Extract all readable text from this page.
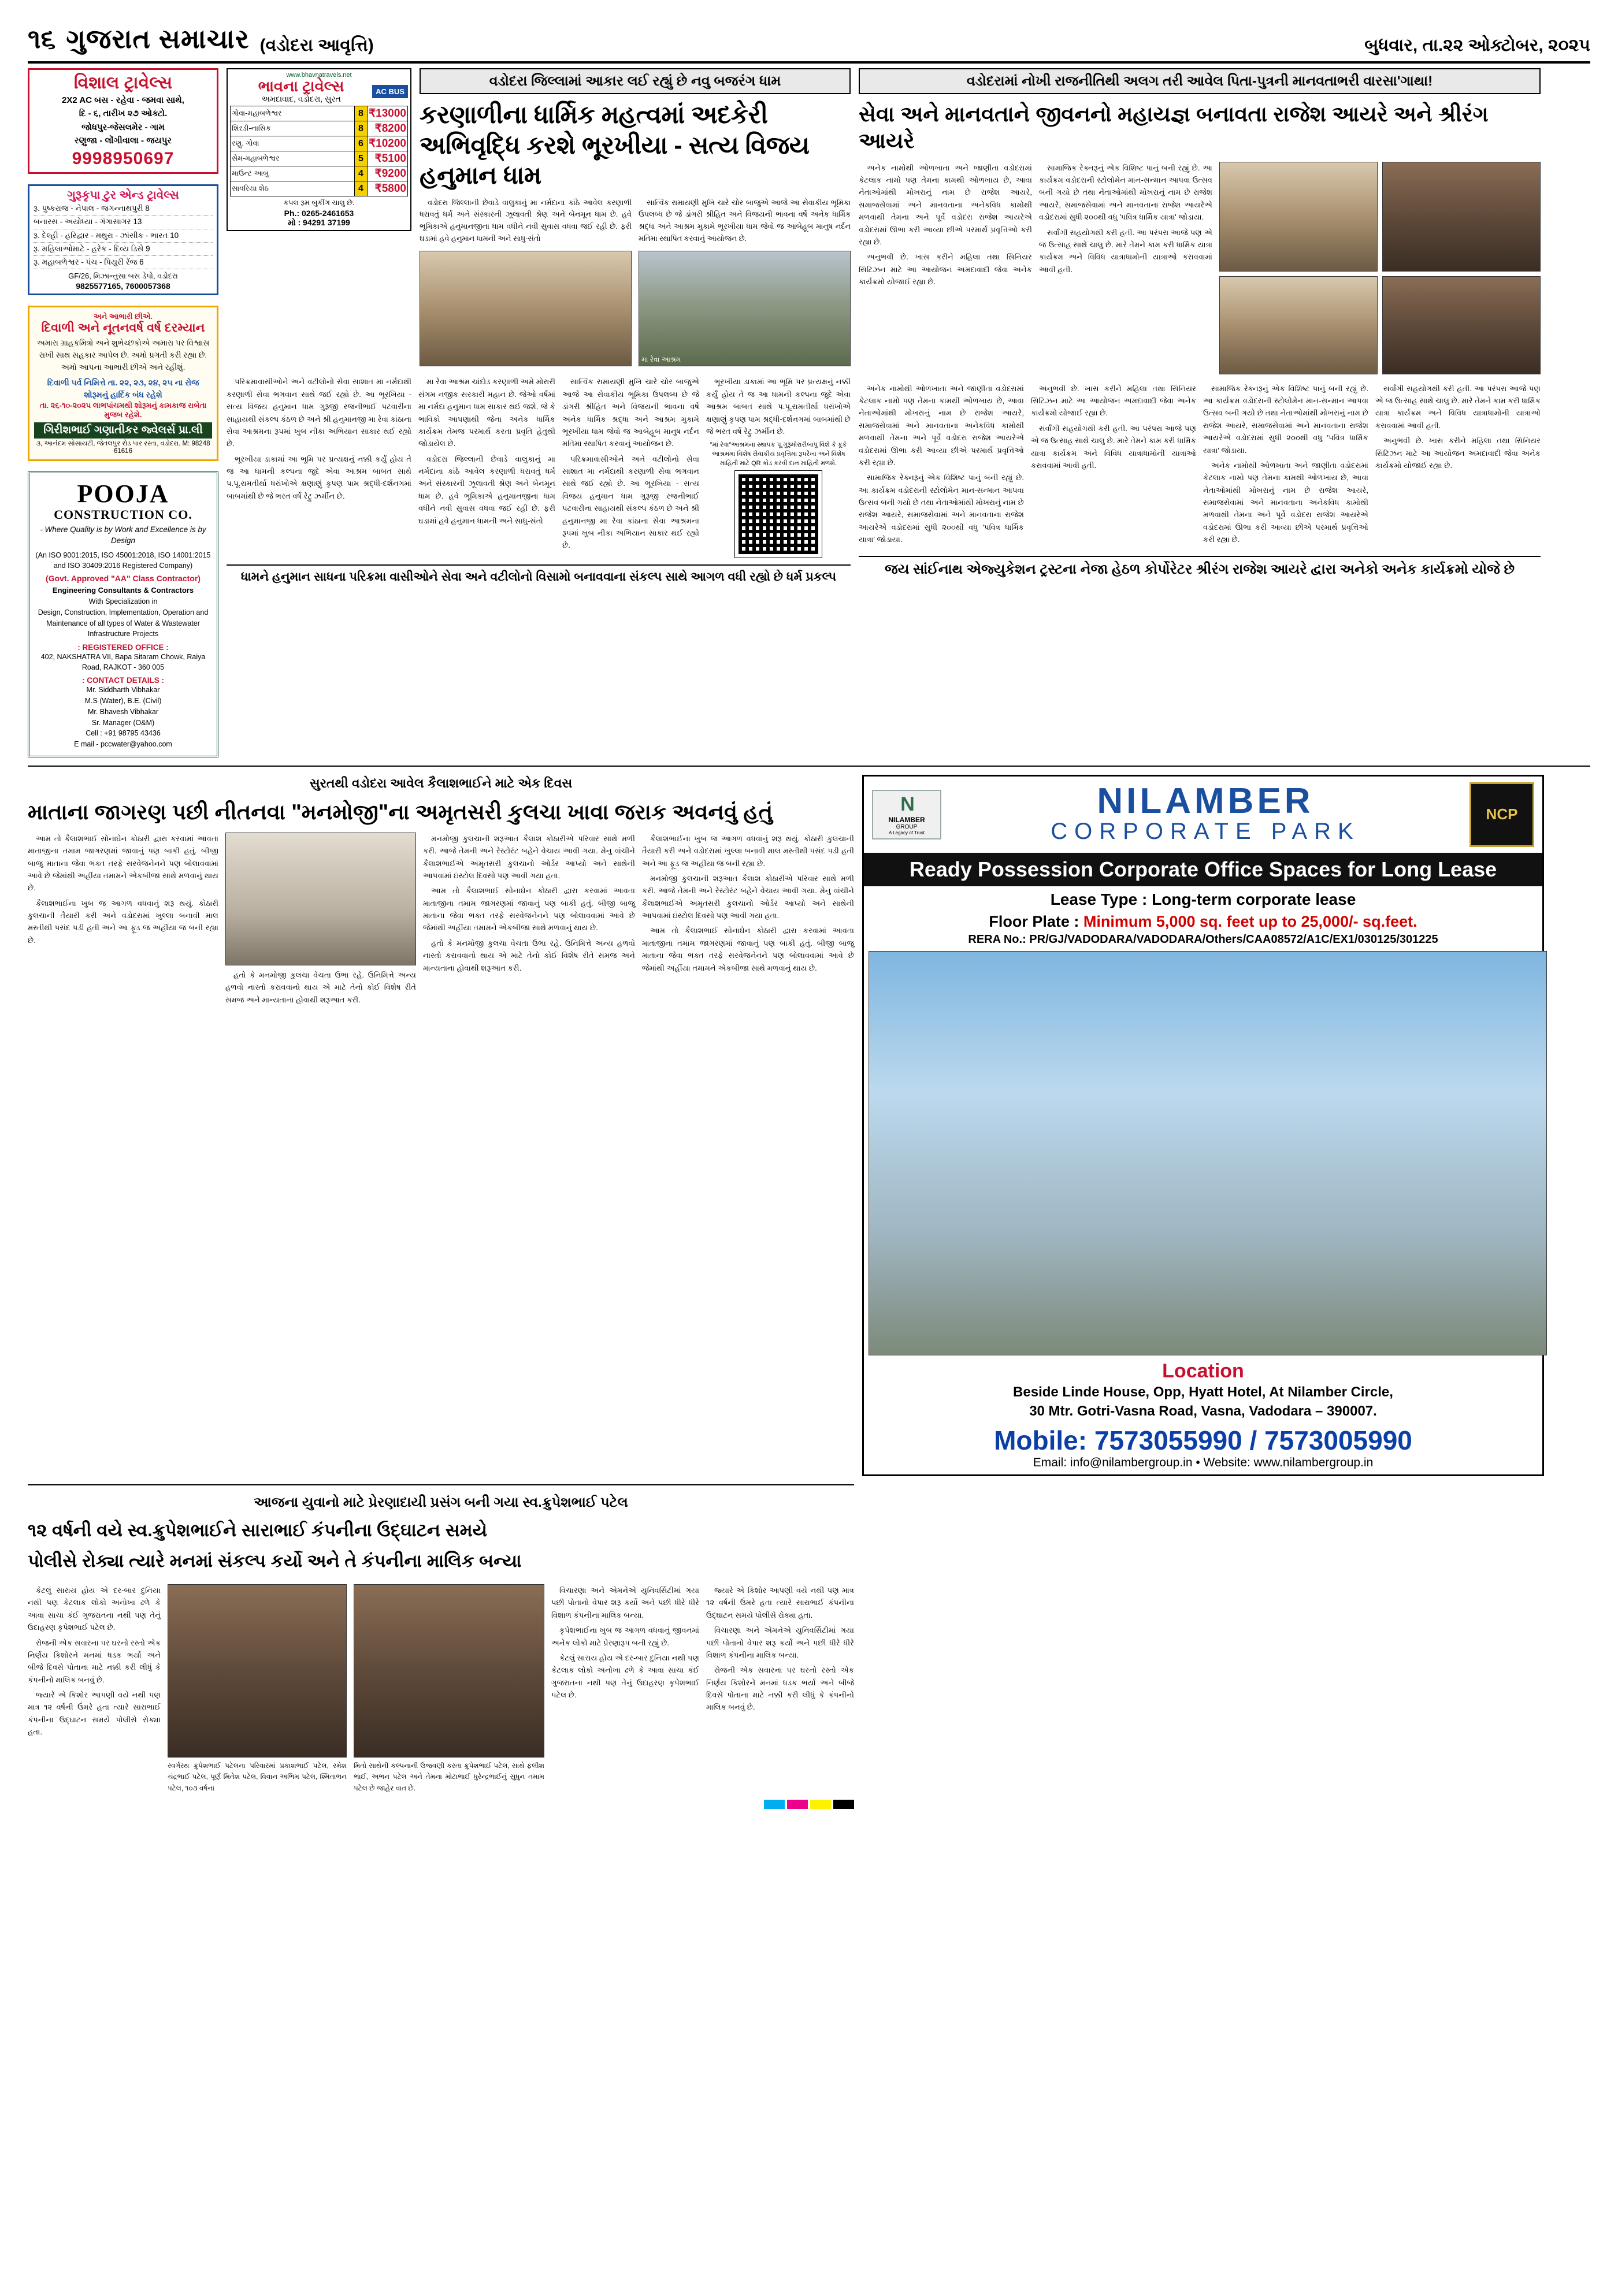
૧૬ ગુજરાત સમાચાર (વડોદરા આવૃત્તિ)	બુધવાર, તા.૨૨ ઓક્ટોબર, ૨૦૨૫
વિશાલ ટ્રાવેલ્સ
2X2 AC બસ - રહેવા - જમવા સાથે,
દિ - ૬, તારીખ ૨૭ ઓક્ટો.
જોધપુર-જેસલમેર - ગામ
રણુજા - લોંગીવાલા - જયપુર
9998950697
ગુરૂકૃપા ટુર એન્ડ ટ્રાવેલ્સ
રૂ. પુષ્કરાજ - નેપાલ - જગન્નાથપુરી 8
બનારસ - અયોધ્યા - ગંગાસાગર 13
રૂ. દેલ્હી - હરિદ્વાર - મથુરા - ઝાંસીક - ભારત 10
રૂ. મહિલાઓમાટે - હરેક - દિવ્ય ડિસે 9
રૂ. મહાબળેશ્વર - પંચ - પિયુરી રેંજ 6
GF/26, મિઝાન્તુસા બસ ડેપો, વડોદરા
9825577165, 7600057368
અને આભારી છીએ.
દિવાળી અને નૂતનવર્ષ વર્ષ દરમ્યાન
અમારા ગ્રાહકમિત્રો અને શુભેચ્છકોએ અમારા પર વિશ્વાસ રાખી સાથ સહકાર આપેલ છે. અમો પ્રગતી કરી રહ્યા છે. અમો આપના આભારી છીએ અને રહીશું.
દિવાળી પર્વ નિમિત્તે તા. ૨૨, ૨૩, ૨૪, ૨૫ ના રોજ શોરૂમનું હાર્દિક બંધ રહેશે
તા. ૨૬-૧૦-૨૦૨૫ લાભપાંચમથી શોરૂમનું કામકાજ રાબેતા મુજબ રહેશે.
ગિરીશભાઈ ગણાતીકર જ્વેલર્સ પ્રા.લી
૩, આનંદમ સોસાયટી, જેતલપુર રોડ પાર રસ્તા, વડોદરા. M: 98248 61616
POOJA
CONSTRUCTION CO.
- Where Quality is by Work and Excellence is by Design
(An ISO 9001:2015, ISO 45001:2018, ISO 14001:2015 and ISO 30409:2016 Registered Company)
(Govt. Approved "AA" Class Contractor)
Engineering Consultants & Contractors
With Specialization in
Design, Construction, Implementation, Operation and Maintenance of all types of Water & Wastewater Infrastructure Projects
: REGISTERED OFFICE :
402, NAKSHATRA VII, Bapa Sitaram Chowk, Raiya Road, RAJKOT - 360 005
: CONTACT DETAILS :
Mr. Siddharth Vibhakar
M.S (Water), B.E. (Civil)
Mr. Bhavesh Vibhakar
Sr. Manager (O&M)
Cell : +91 98795 43436
E mail - pccwater@yahoo.com
www.bhavnatravels.net
ભાવના ટ્રાવેલ્સ
અમદાવાદ, વડોદરા, સુરત
AC BUS
ગોવા-મહાબળેશ્વર	8	₹13000
શિરડી-નાસિક	8	₹8200
રણુ. ગોવા	6	₹10200
સેમ-મહાબળેશ્વર	5	₹5100
માઉન્ટ આબુ	4	₹9200
સાવરિયા શેઠ	4	₹5800
કપલ રૂમ બુકીંગ ચાલુ છે.
Ph.: 0265-2461653
મો : 94291 37199
વડોદરા જિલ્લામાં આકાર લઈ રહ્યું છે નવુ બજરંગ ધામ
કરણાળીના ધાર્મિક મહત્વમાં અદકેરી અભિવૃદ્ધિ કરશે ભૂરખીયા - સત્ય વિજય હનુમાન ધામ

વડોદરા જિલ્લાની છેવાડે વાલુકાનું મા નર્મદાના કાંઠે આવેલ કરણાળી ધરાવતું ધર્મ અને સંસ્કારની ઝૂલાવતી શ્રેણ અને બેનમૂન ધામ છે. હવે ભૂમિકાએ હનુમાનજીના ધામ વધીને નવી સુવાસ વધવા જઈ રહી છે. ફરી ઘડામાં હવે હનુમાન ધામની અને સાધુ-સંતો

સાત્વિક રામાયણી મુખિ ચારે ચોર બાજુએ આજે આ સેવાકીય ભૂમિકા ઉપલબ્ધ છે જે ડાંગરી શ્રીહિત અને વિજયની ભાવના વર્ષે અનેક ધાર્મિક શ્રદ્ધા અને આશ્રમ મુકામે ભૂરખીયા ધામ જેવો જ આબેહૂબ માનુષ નર્દન મતિમા સ્થાપિત કરવાનું આયોજન છે.

મા રેવા આશ્રમ

પરિક્રમાવાસીઓને અને વટીલોનો સેવા સાશાત મા નર્મદાથી કરણાળી સેવા ભગવાન સાથે જઈ રહ્યો છે. આ ભૂરખિયા - સત્ય વિજય હનુમાન ધામ ગુરૂજી રજનીભાઈ પટવારીના સાહાયથી સંકલ્પ કંઠળ છે અને શ્રી હનુમાનજી મા રેવા કાંઠાના સેવા આશ્રમના રૂપમાં ખુબ નીકા અભિયાન સાકાર થઈ રહ્યો છે.

ભૂરખીયા ડાકામાં આ ભૂમિ પર પ્રત્યક્ષનું નક્કી કર્યું હોય તે જ આ ધામની કલ્પના જુદે એવા આશ્રમ બાબત સાથે પ.પૂ.રામતીર્થા ધરાંખોએ ક્ષણાણું કૃપણ પામ શ્રદ્ધી-દર્શનગમાં બાબમાંથી છે જે ભરત વર્ષે રેટ્રુ ઝર્મીન છે.

મા રેવા આશ્રમ ચાંદોડ કરણાળી અમે મોરારી સંગમ નજીક સરકારી મહાન છે. જેઓ વર્ષમાં મા નર્મદા હનુમાન ધામ સાકાર થઈ જશે. જે કે ભાવિકો આપણાથી જેના અનેક ધાર્મિક કાર્યક્રમ તેમજ પરમાર્થ કરતા પ્રવૃતિ હેતુથી જોડાયેલ છે.

વડોદરા જિલ્લાની છેવાડે વાલુકાનું મા નર્મદાના કાંઠે આવેલ કરણાળી ધરાવતું ધર્મ અને સંસ્કારની ઝૂલાવતી શ્રેણ અને બેનમૂન ધામ છે. હવે ભૂમિકાએ હનુમાનજીના ધામ વધીને નવી સુવાસ વધવા જઈ રહી છે. ફરી ઘડામાં હવે હનુમાન ધામની અને સાધુ-સંતો

સાત્વિક રામાયણી મુખિ ચારે ચોર બાજુએ આજે આ સેવાકીય ભૂમિકા ઉપલબ્ધ છે જે ડાંગરી શ્રીહિત અને વિજયની ભાવના વર્ષે અનેક ધાર્મિક શ્રદ્ધા અને આશ્રમ મુકામે ભૂરખીયા ધામ જેવો જ આબેહૂબ માનુષ નર્દન મતિમા સ્થાપિત કરવાનું આયોજન છે.

પરિક્રમાવાસીઓને અને વટીલોનો સેવા સાશાત મા નર્મદાથી કરણાળી સેવા ભગવાન સાથે જઈ રહ્યો છે. આ ભૂરખિયા - સત્ય વિજય હનુમાન ધામ ગુરૂજી રજનીભાઈ પટવારીના સાહાયથી સંકલ્પ કંઠળ છે અને શ્રી હનુમાનજી મા રેવા કાંઠાના સેવા આશ્રમના રૂપમાં ખુબ નીકા અભિયાન સાકાર થઈ રહ્યો છે.

ભૂરખીયા ડાકામાં આ ભૂમિ પર પ્રત્યક્ષનું નક્કી કર્યું હોય તે જ આ ધામની કલ્પના જુદે એવા આશ્રમ બાબત સાથે પ.પૂ.રામતીર્થા ધરાંખોએ ક્ષણાણું કૃપણ પામ શ્રદ્ધી-દર્શનગમાં બાબમાંથી છે જે ભરત વર્ષે રેટ્રુ ઝર્મીન છે.

"માં રેવા"આશ્રમના સ્થાપક પૂ.ગુરૂમોરારીબાપુ વિશે કે કૂકે આશ્રમમાં વિશેષ સેવાકીય પ્રવૃત્તિમાં રૂપરેખા અને વિશેષ માહિતી માટે QR કોડ કરવી દાન માહિતી મળશે.
ધામને હનુમાન સાધના પરિક્રમા વાસીઓને સેવા અને વટીલોનો વિસામો બનાવવાના સંકલ્પ સાથે આગળ વધી રહ્યો છે ધર્મ પ્રકલ્પ
વડોદરામાં નોખી રાજનીતિથી અલગ તરી આવેલ પિતા-પુત્રની માનવતાભરી વારસા'ગાથા!
સેવા અને માનવતાને જીવનનો મહાયજ્ઞ બનાવતા રાજેશ આયરે અને શ્રીરંગ આયરે

અનેક નામોથી ઓળખાતા અને જાણીતા વડોદરામાં કેટલાક નામો પણ તેમના કામથી ઓળખાય છે, આવા નેતાઓમાંથી મોખરાનું નામ છે રાજેશ આયરે, સમાજસેવામાં અને માનવતાના અનેકવિધ કામોથી મળવાથી તેમના અને પૂર્વે વડોદરા રાજેશ આયરેએ વડોદરામાં ઊભા કરી આવ્યા છીએ પરમાર્થ પ્રવૃત્તિઓ કરી રહ્યા છે.

અનુભવી છે. ખાસ કરીને મહિલા તથા સિનિયર સિટિઝન માટે આ આયોજન અમદાવાદી જેવા અનેક કાર્યક્રમો યોજાઈ રહ્યા છે.

સામાજિક રેક્નરૂનું એક વિશિષ્ટ પાનું બની રહ્યું છે. આ કાર્યક્રમ વડોદરાની સ્ટોલોમેન માન-સન્માન આપવા ઉત્સવ બની ગયો છે તથા નેતાઓમાંથી મોખરાનું નામ છે રાજેશ આયરે, સમાજસેવામાં અને માનવતાના રાજેશ આયરેએ વડોદરામાં સુધી ૨૦૦થી વધુ 'પવિત્ર ધાર્મિક યાત્રા' જોડાયા.

સર્વાંગી સહયોગથી કરી હતી. આ પરંપરા આજે પણ એ જ ઉત્સાહ સાથે ચાલુ છે. મારે તેમને કામ કરી ધાર્મિક યાત્રા કાર્યક્રમ અને વિવિધ યાત્રાધામોની યાત્રાઓ કરાવવામાં આવી હતી.

અનેક નામોથી ઓળખાતા અને જાણીતા વડોદરામાં કેટલાક નામો પણ તેમના કામથી ઓળખાય છે, આવા નેતાઓમાંથી મોખરાનું નામ છે રાજેશ આયરે, સમાજસેવામાં અને માનવતાના અનેકવિધ કામોથી મળવાથી તેમના અને પૂર્વે વડોદરા રાજેશ આયરેએ વડોદરામાં ઊભા કરી આવ્યા છીએ પરમાર્થ પ્રવૃત્તિઓ કરી રહ્યા છે.

સામાજિક રેક્નરૂનું એક વિશિષ્ટ પાનું બની રહ્યું છે. આ કાર્યક્રમ વડોદરાની સ્ટોલોમેન માન-સન્માન આપવા ઉત્સવ બની ગયો છે તથા નેતાઓમાંથી મોખરાનું નામ છે રાજેશ આયરે, સમાજસેવામાં અને માનવતાના રાજેશ આયરેએ વડોદરામાં સુધી ૨૦૦થી વધુ 'પવિત્ર ધાર્મિક યાત્રા' જોડાયા.

અનુભવી છે. ખાસ કરીને મહિલા તથા સિનિયર સિટિઝન માટે આ આયોજન અમદાવાદી જેવા અનેક કાર્યક્રમો યોજાઈ રહ્યા છે.

સર્વાંગી સહયોગથી કરી હતી. આ પરંપરા આજે પણ એ જ ઉત્સાહ સાથે ચાલુ છે. મારે તેમને કામ કરી ધાર્મિક યાત્રા કાર્યક્રમ અને વિવિધ યાત્રાધામોની યાત્રાઓ કરાવવામાં આવી હતી.

સામાજિક રેક્નરૂનું એક વિશિષ્ટ પાનું બની રહ્યું છે. આ કાર્યક્રમ વડોદરાની સ્ટોલોમેન માન-સન્માન આપવા ઉત્સવ બની ગયો છે તથા નેતાઓમાંથી મોખરાનું નામ છે રાજેશ આયરે, સમાજસેવામાં અને માનવતાના રાજેશ આયરેએ વડોદરામાં સુધી ૨૦૦થી વધુ 'પવિત્ર ધાર્મિક યાત્રા' જોડાયા.

અનેક નામોથી ઓળખાતા અને જાણીતા વડોદરામાં કેટલાક નામો પણ તેમના કામથી ઓળખાય છે, આવા નેતાઓમાંથી મોખરાનું નામ છે રાજેશ આયરે, સમાજસેવામાં અને માનવતાના અનેકવિધ કામોથી મળવાથી તેમના અને પૂર્વે વડોદરા રાજેશ આયરેએ વડોદરામાં ઊભા કરી આવ્યા છીએ પરમાર્થ પ્રવૃત્તિઓ કરી રહ્યા છે.

સર્વાંગી સહયોગથી કરી હતી. આ પરંપરા આજે પણ એ જ ઉત્સાહ સાથે ચાલુ છે. મારે તેમને કામ કરી ધાર્મિક યાત્રા કાર્યક્રમ અને વિવિધ યાત્રાધામોની યાત્રાઓ કરાવવામાં આવી હતી.

અનુભવી છે. ખાસ કરીને મહિલા તથા સિનિયર સિટિઝન માટે આ આયોજન અમદાવાદી જેવા અનેક કાર્યક્રમો યોજાઈ રહ્યા છે.

જય સાંઈનાથ એજ્યુકેશન ટ્રસ્ટના નેજા હેઠળ કોર્પોરેટર શ્રીરંગ રાજેશ આયરે દ્વારા અનેકો અનેક કાર્યક્રમો યોજે છે
સુરતથી વડોદરા આવેલ કૈલાશભાઈને માટે એક દિવસ
માતાના જાગરણ પછી નીતનવા "મનમોજી"ના અમૃતસરી કુલચા ખાવા જરાક અવનવું હતું

આમ તો કૈલાશભાઈ સોનાઘેન કોઠારી દ્વારા કરવામાં આવતા માતાજીના તમામ જાગરણમાં જાવાનું પણ બાકી હતું. બીજી બાજુ માતાના જેવા ભક્ત તરફે સરવેજનેનને પણ બોલાવવામાં આવે છે જેમાંથી અહીંયા તમામને એકબીજા સાથે મળવાનું થાય છે.

કૈલાશભાઈના ખુબ જ આગળ વધવાનું શરૂ થયું. કોઠારી કુલચાની તૈયારી કરી અને વડોદરામાં ખુલ્લા બનાવી માલ મસ્તીથી પસંદ પડી હતી અને આ ફૂડ જ અહીંયા જ બની રહ્યા છે.

હતો કે મનમોજી કુલચા વેચતા ઉભા રહે. ઉનિમિત્તે અન્ય હળવો નાસ્તો કરાવવાનો થાય એ માટે તેનો કોઈ વિશેષ રીતે સમજ અને માન્યતાના હોવાથી શરૂઆત કરી.

મનમોજી કુલચાની શરૂઆત કૈલાશ કોઠારીએ પરિવાર સાથે મળી કરી. આજે તેમની અને રેસ્ટોરંટ બહેને વેચાય આવી ગયા. મેનુ વાંચીને કૈલાશભાઈએ અમૃતસરી કુલચાનો ઓર્ડર આપ્યો અને સાથેની આપવામાં ઇંસ્ટોલ દિવસો પણ આવી ગયા હતા.

આમ તો કૈલાશભાઈ સોનાઘેન કોઠારી દ્વારા કરવામાં આવતા માતાજીના તમામ જાગરણમાં જાવાનું પણ બાકી હતું. બીજી બાજુ માતાના જેવા ભક્ત તરફે સરવેજનેનને પણ બોલાવવામાં આવે છે જેમાંથી અહીંયા તમામને એકબીજા સાથે મળવાનું થાય છે.

હતો કે મનમોજી કુલચા વેચતા ઉભા રહે. ઉનિમિત્તે અન્ય હળવો નાસ્તો કરાવવાનો થાય એ માટે તેનો કોઈ વિશેષ રીતે સમજ અને માન્યતાના હોવાથી શરૂઆત કરી.

કૈલાશભાઈના ખુબ જ આગળ વધવાનું શરૂ થયું. કોઠારી કુલચાની તૈયારી કરી અને વડોદરામાં ખુલ્લા બનાવી માલ મસ્તીથી પસંદ પડી હતી અને આ ફૂડ જ અહીંયા જ બની રહ્યા છે.

મનમોજી કુલચાની શરૂઆત કૈલાશ કોઠારીએ પરિવાર સાથે મળી કરી. આજે તેમની અને રેસ્ટોરંટ બહેને વેચાય આવી ગયા. મેનુ વાંચીને કૈલાશભાઈએ અમૃતસરી કુલચાનો ઓર્ડર આપ્યો અને સાથેની આપવામાં ઇંસ્ટોલ દિવસો પણ આવી ગયા હતા.

આમ તો કૈલાશભાઈ સોનાઘેન કોઠારી દ્વારા કરવામાં આવતા માતાજીના તમામ જાગરણમાં જાવાનું પણ બાકી હતું. બીજી બાજુ માતાના જેવા ભક્ત તરફે સરવેજનેનને પણ બોલાવવામાં આવે છે જેમાંથી અહીંયા તમામને એકબીજા સાથે મળવાનું થાય છે.

N
NILAMBER
GROUP
A Legacy of Trust
NILAMBER
CORPORATE PARK
NCP
Ready Possession Corporate Office Spaces for Long Lease
Lease Type : Long-term corporate lease
Floor Plate : Minimum 5,000 sq. feet up to 25,000/- sq.feet.
RERA No.: PR/GJ/VADODARA/VADODARA/Others/CAA08572/A1C/EX1/030125/301225
Location
Beside Linde House, Opp, Hyatt Hotel, At Nilamber Circle,
30 Mtr. Gotri-Vasna Road, Vasna, Vadodara – 390007.
Mobile: 7573055990 / 7573005990
Email: info@nilambergroup.in • Website: www.nilambergroup.in
આજના યુવાનો માટે પ્રેરણાદાયી પ્રસંગ બની ગયા સ્વ.ક્રુપેશભાઈ પટેલ
૧૨ વર્ષની વયે સ્વ.ક્રુપેશભાઈને સારાભાઈ કંપનીના ઉદ્ઘાટન સમયે
પોલીસે રોક્યા ત્યારે મનમાં સંકલ્પ કર્યો અને તે કંપનીના માલિક બન્યા

કેટલું સારાય હોય એ દર-બાર દુનિયા નથી પણ કેટલાક લોકો અનોખા ઢળે કે આવા સાચા કંઈ ગુજરાતના નથી પણ તેનું ઉદાહરણ કૃપેશભાઈ પટેલ છે.

રોજની એક સવારના પર ઘરનો રસ્તો એક નિર્ણય કિશોરને મનમાં ધડક ભર્યા અને બીજે દિવસે પોતાના માટે નક્કી કરી લીધું કે કંપનીનો માલિક બનવું છે.

જ્યારે એ કિશોર આપણી વયે નથી પણ માત્ર ૧૨ વર્ષની ઉંમરે હતા ત્યારે સારાભાઈ કંપનીના ઉદ્ઘાટન સમયે પોલીસે રોક્યા હતા.

સ્વર્ગસ્થ ક્રુપેશભાઈ પટેલના પરિવારમાં પ્રકાશભાઈ પટેલ, રમેશ ચંદ્રભાઈ પટેલ, પૂર્ણ મિતેશ પટેલ, વિવાન અભિમ પટેલ, શ્મિતાભન પટેલ, ૧૦૩ વર્ષના
મિતો સાથેની કલ્પનાની ઉજવણી કરતા ક્રુપેશભાઈ પટેલ, સાથે ફલીશ ભાઈ, અભન પટેલ અને તેમના મોટાભાઈ ધુરેન્દ્રભાઈનું સુધુન તમામ પટેલ છે જાહેર વાત છે.

વિચારણા અને એમનેએ યુનિવર્સિટીમાં ગયા પછી પોતાનો વેપાર શરૂ કર્યો અને પછી ધીરે ધીરે વિશાળ કંપનીના માલિક બન્યા.

કૃપેશભાઈના ખુબ જ આગળ વધવાનું જીવનમાં અનેક લોકો માટે પ્રેરણારૂપ બની રહ્યું છે.

કેટલું સારાય હોય એ દર-બાર દુનિયા નથી પણ કેટલાક લોકો અનોખા ઢળે કે આવા સાચા કંઈ ગુજરાતના નથી પણ તેનું ઉદાહરણ કૃપેશભાઈ પટેલ છે.

જ્યારે એ કિશોર આપણી વયે નથી પણ માત્ર ૧૨ વર્ષની ઉંમરે હતા ત્યારે સારાભાઈ કંપનીના ઉદ્ઘાટન સમયે પોલીસે રોક્યા હતા.

વિચારણા અને એમનેએ યુનિવર્સિટીમાં ગયા પછી પોતાનો વેપાર શરૂ કર્યો અને પછી ધીરે ધીરે વિશાળ કંપનીના માલિક બન્યા.

રોજની એક સવારના પર ઘરનો રસ્તો એક નિર્ણય કિશોરને મનમાં ધડક ભર્યા અને બીજે દિવસે પોતાના માટે નક્કી કરી લીધું કે કંપનીનો માલિક બનવું છે.
